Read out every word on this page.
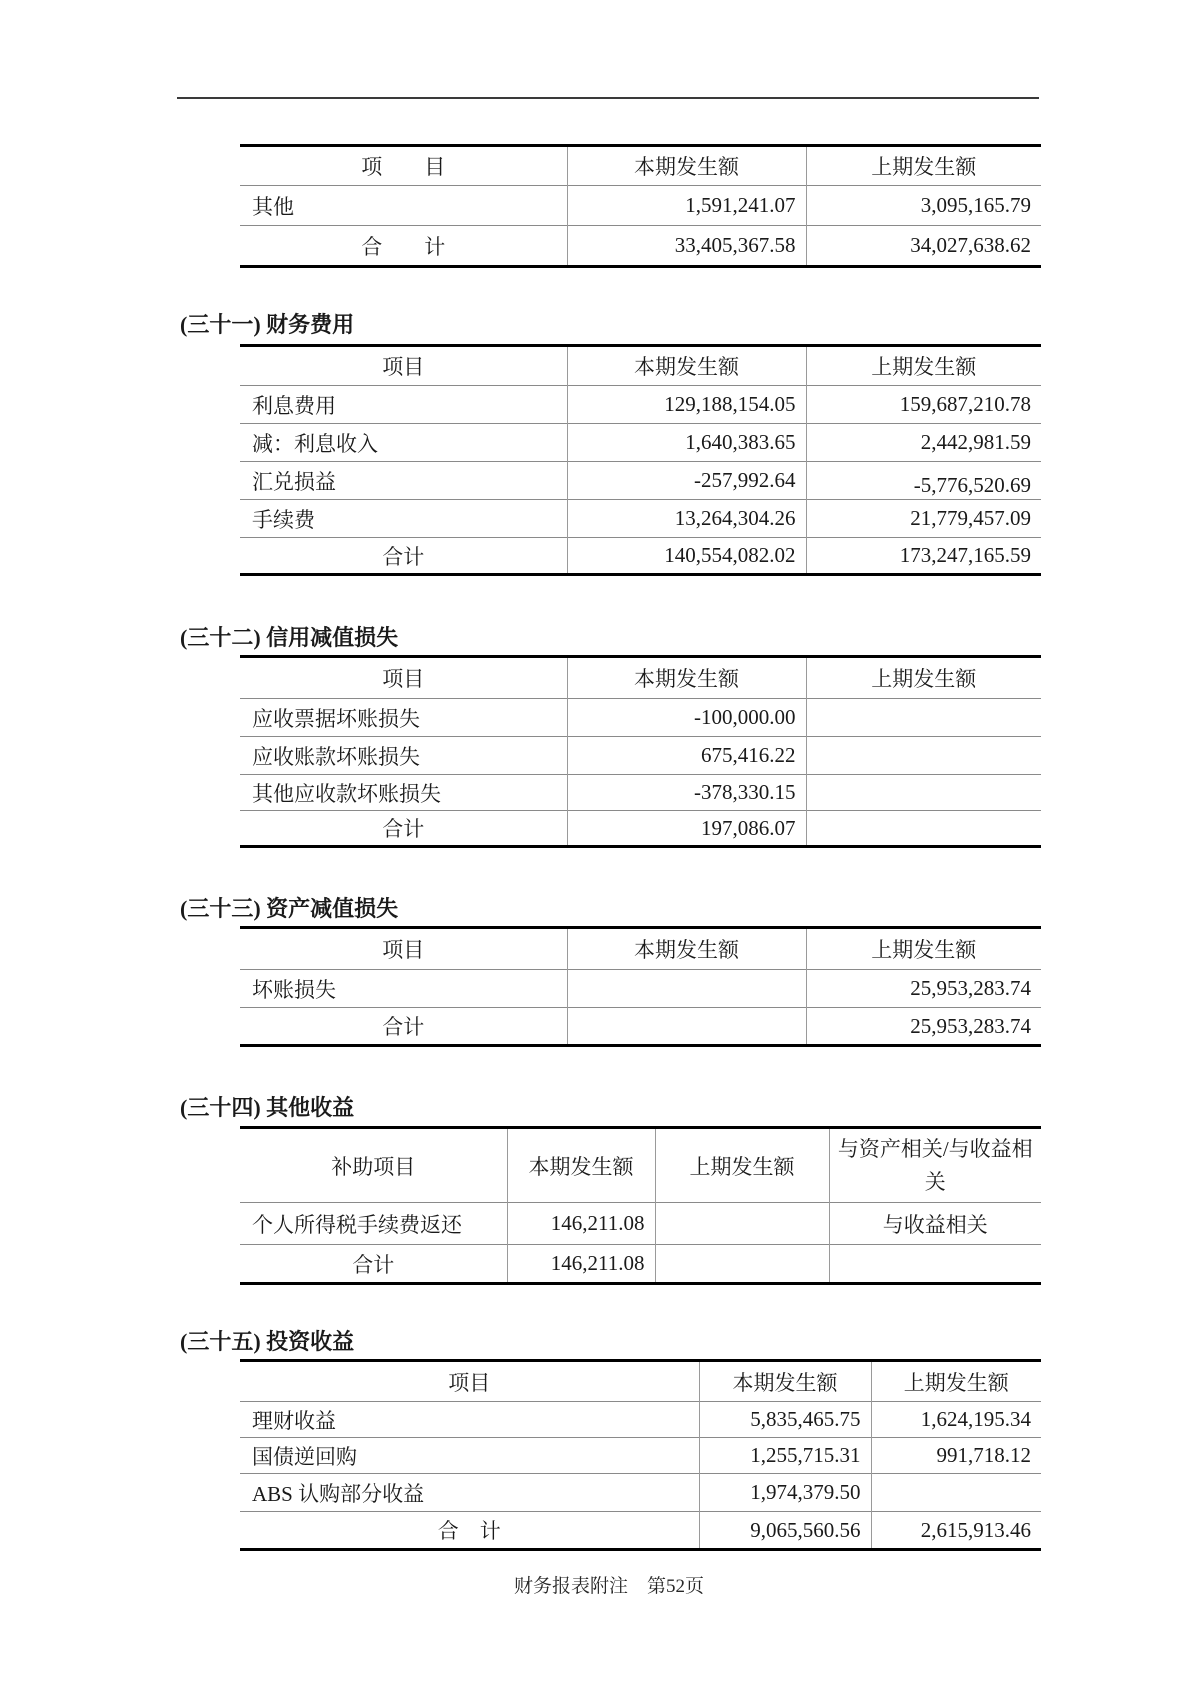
项　　目	本期发生额	上期发生额
其他	1,591,241.07	3,095,165.79
合　　计	33,405,367.58	34,027,638.62
(三十一) 财务费用
项目	本期发生额	上期发生额
利息费用	129,188,154.05	159,687,210.78
减：利息收入	1,640,383.65	2,442,981.59
汇兑损益	-257,992.64	-5,776,520.69
手续费	13,264,304.26	21,779,457.09
合计	140,554,082.02	173,247,165.59
(三十二) 信用减值损失
项目	本期发生额	上期发生额
应收票据坏账损失	-100,000.00	
应收账款坏账损失	675,416.22	
其他应收款坏账损失	-378,330.15	
合计	197,086.07	
(三十三) 资产减值损失
项目	本期发生额	上期发生额
坏账损失		25,953,283.74
合计		25,953,283.74
(三十四) 其他收益
补助项目	本期发生额	上期发生额	与资产相关/与收益相关
个人所得税手续费返还	146,211.08		与收益相关
合计	146,211.08		
(三十五) 投资收益
项目	本期发生额	上期发生额
理财收益	5,835,465.75	1,624,195.34
国债逆回购	1,255,715.31	991,718.12
ABS 认购部分收益	1,974,379.50	
合　计	9,065,560.56	2,615,913.46
财务报表附注　第52页
